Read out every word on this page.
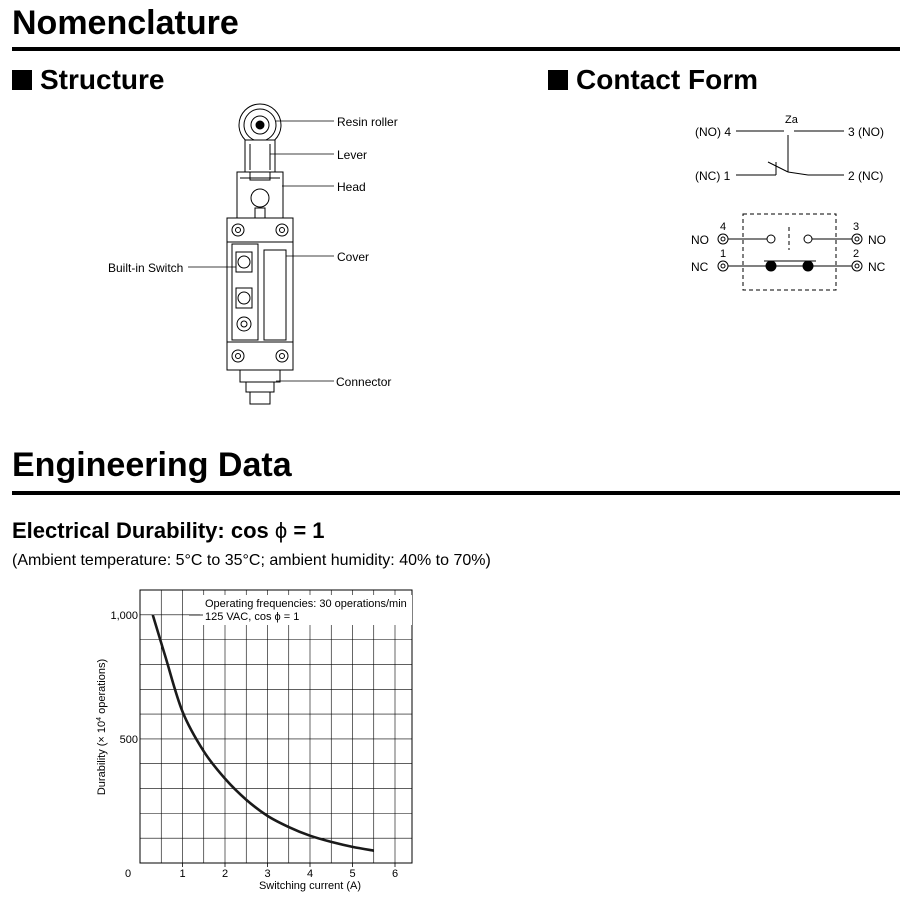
Nomenclature
Structure	Contact Form
Resin roller
Lever
Head
Cover
Built-in Switch
Connector
(NO) 4
Za
3 (NO)
(NC) 1	2 (NC)
NO
NC
NO
NC
4
1
3
2
Engineering Data
Electrical Durability: cos ϕ = 1
(Ambient temperature: 5°C to 35°C; ambient humidity: 40% to 70%)
Operating frequencies: 30 operations/min
125 VAC, cos ϕ = 1
0	1	2	3	4	5	6
500
1,000
Switching current (A)
Durability (× $10^4$ operations)
